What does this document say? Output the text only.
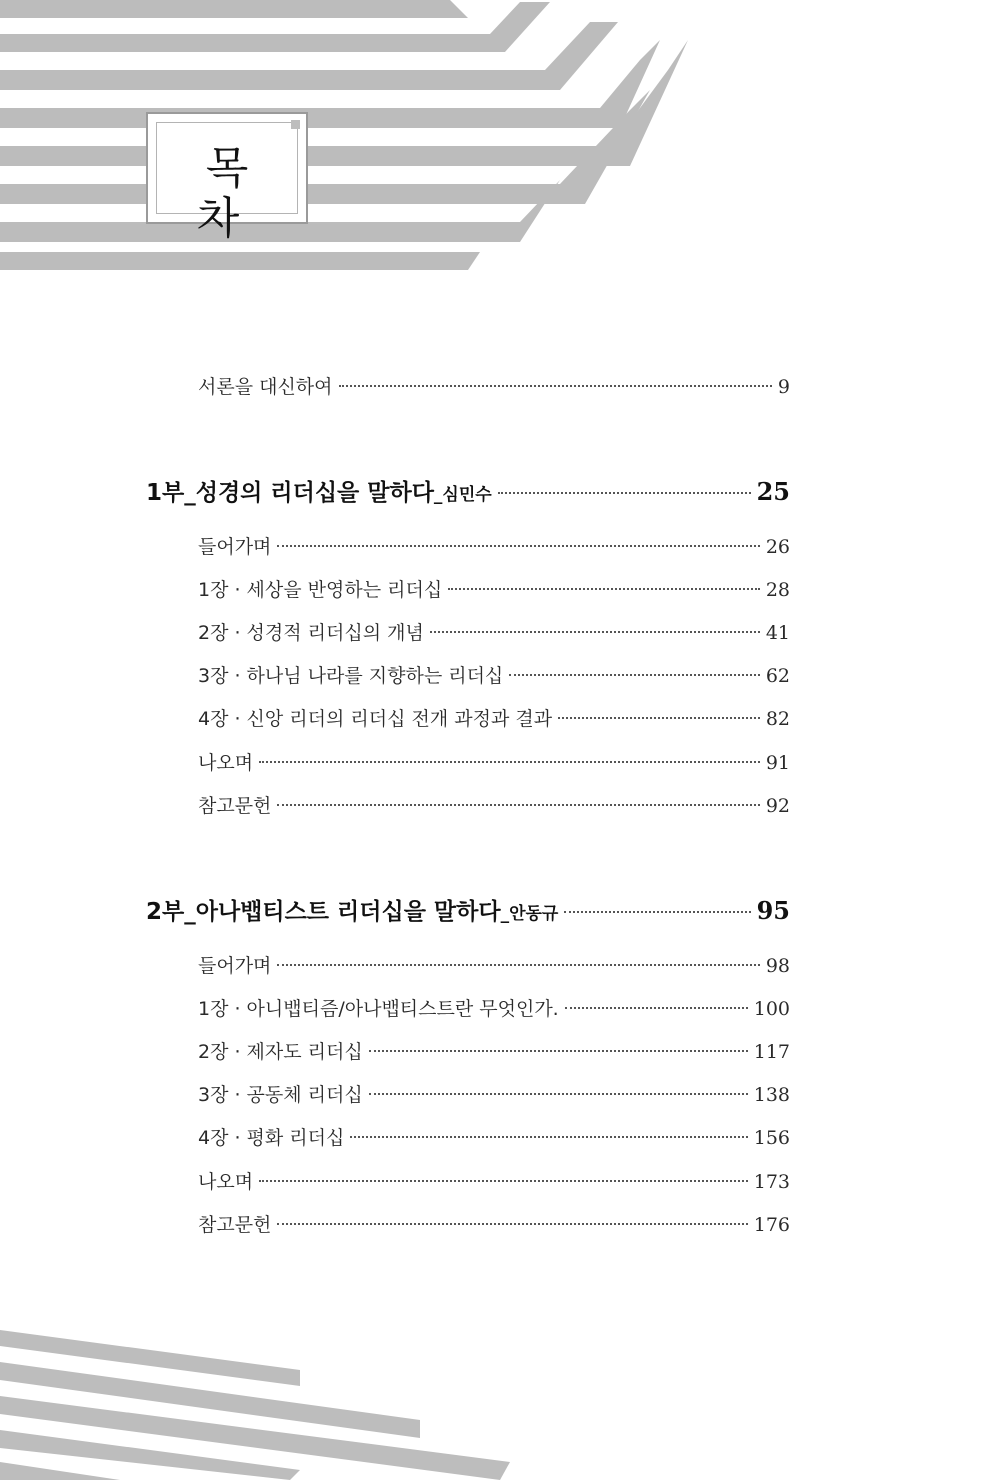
목 차
서론을 대신하여	9
1부_성경의 리더십을 말하다 _심민수	25
들어가며	26
1장 · 세상을 반영하는 리더십	28
2장 · 성경적 리더십의 개념	41
3장 · 하나님 나라를 지향하는 리더십	62
4장 · 신앙 리더의 리더십 전개 과정과 결과	82
나오며	91
참고문헌	92
2부_아나뱁티스트 리더십을 말하다 _안동규	95
들어가며	98
1장 · 아니뱁티즘/아나뱁티스트란 무엇인가.	100
2장 · 제자도 리더십	117
3장 · 공동체 리더십	138
4장 · 평화 리더십	156
나오며	173
참고문헌	176
